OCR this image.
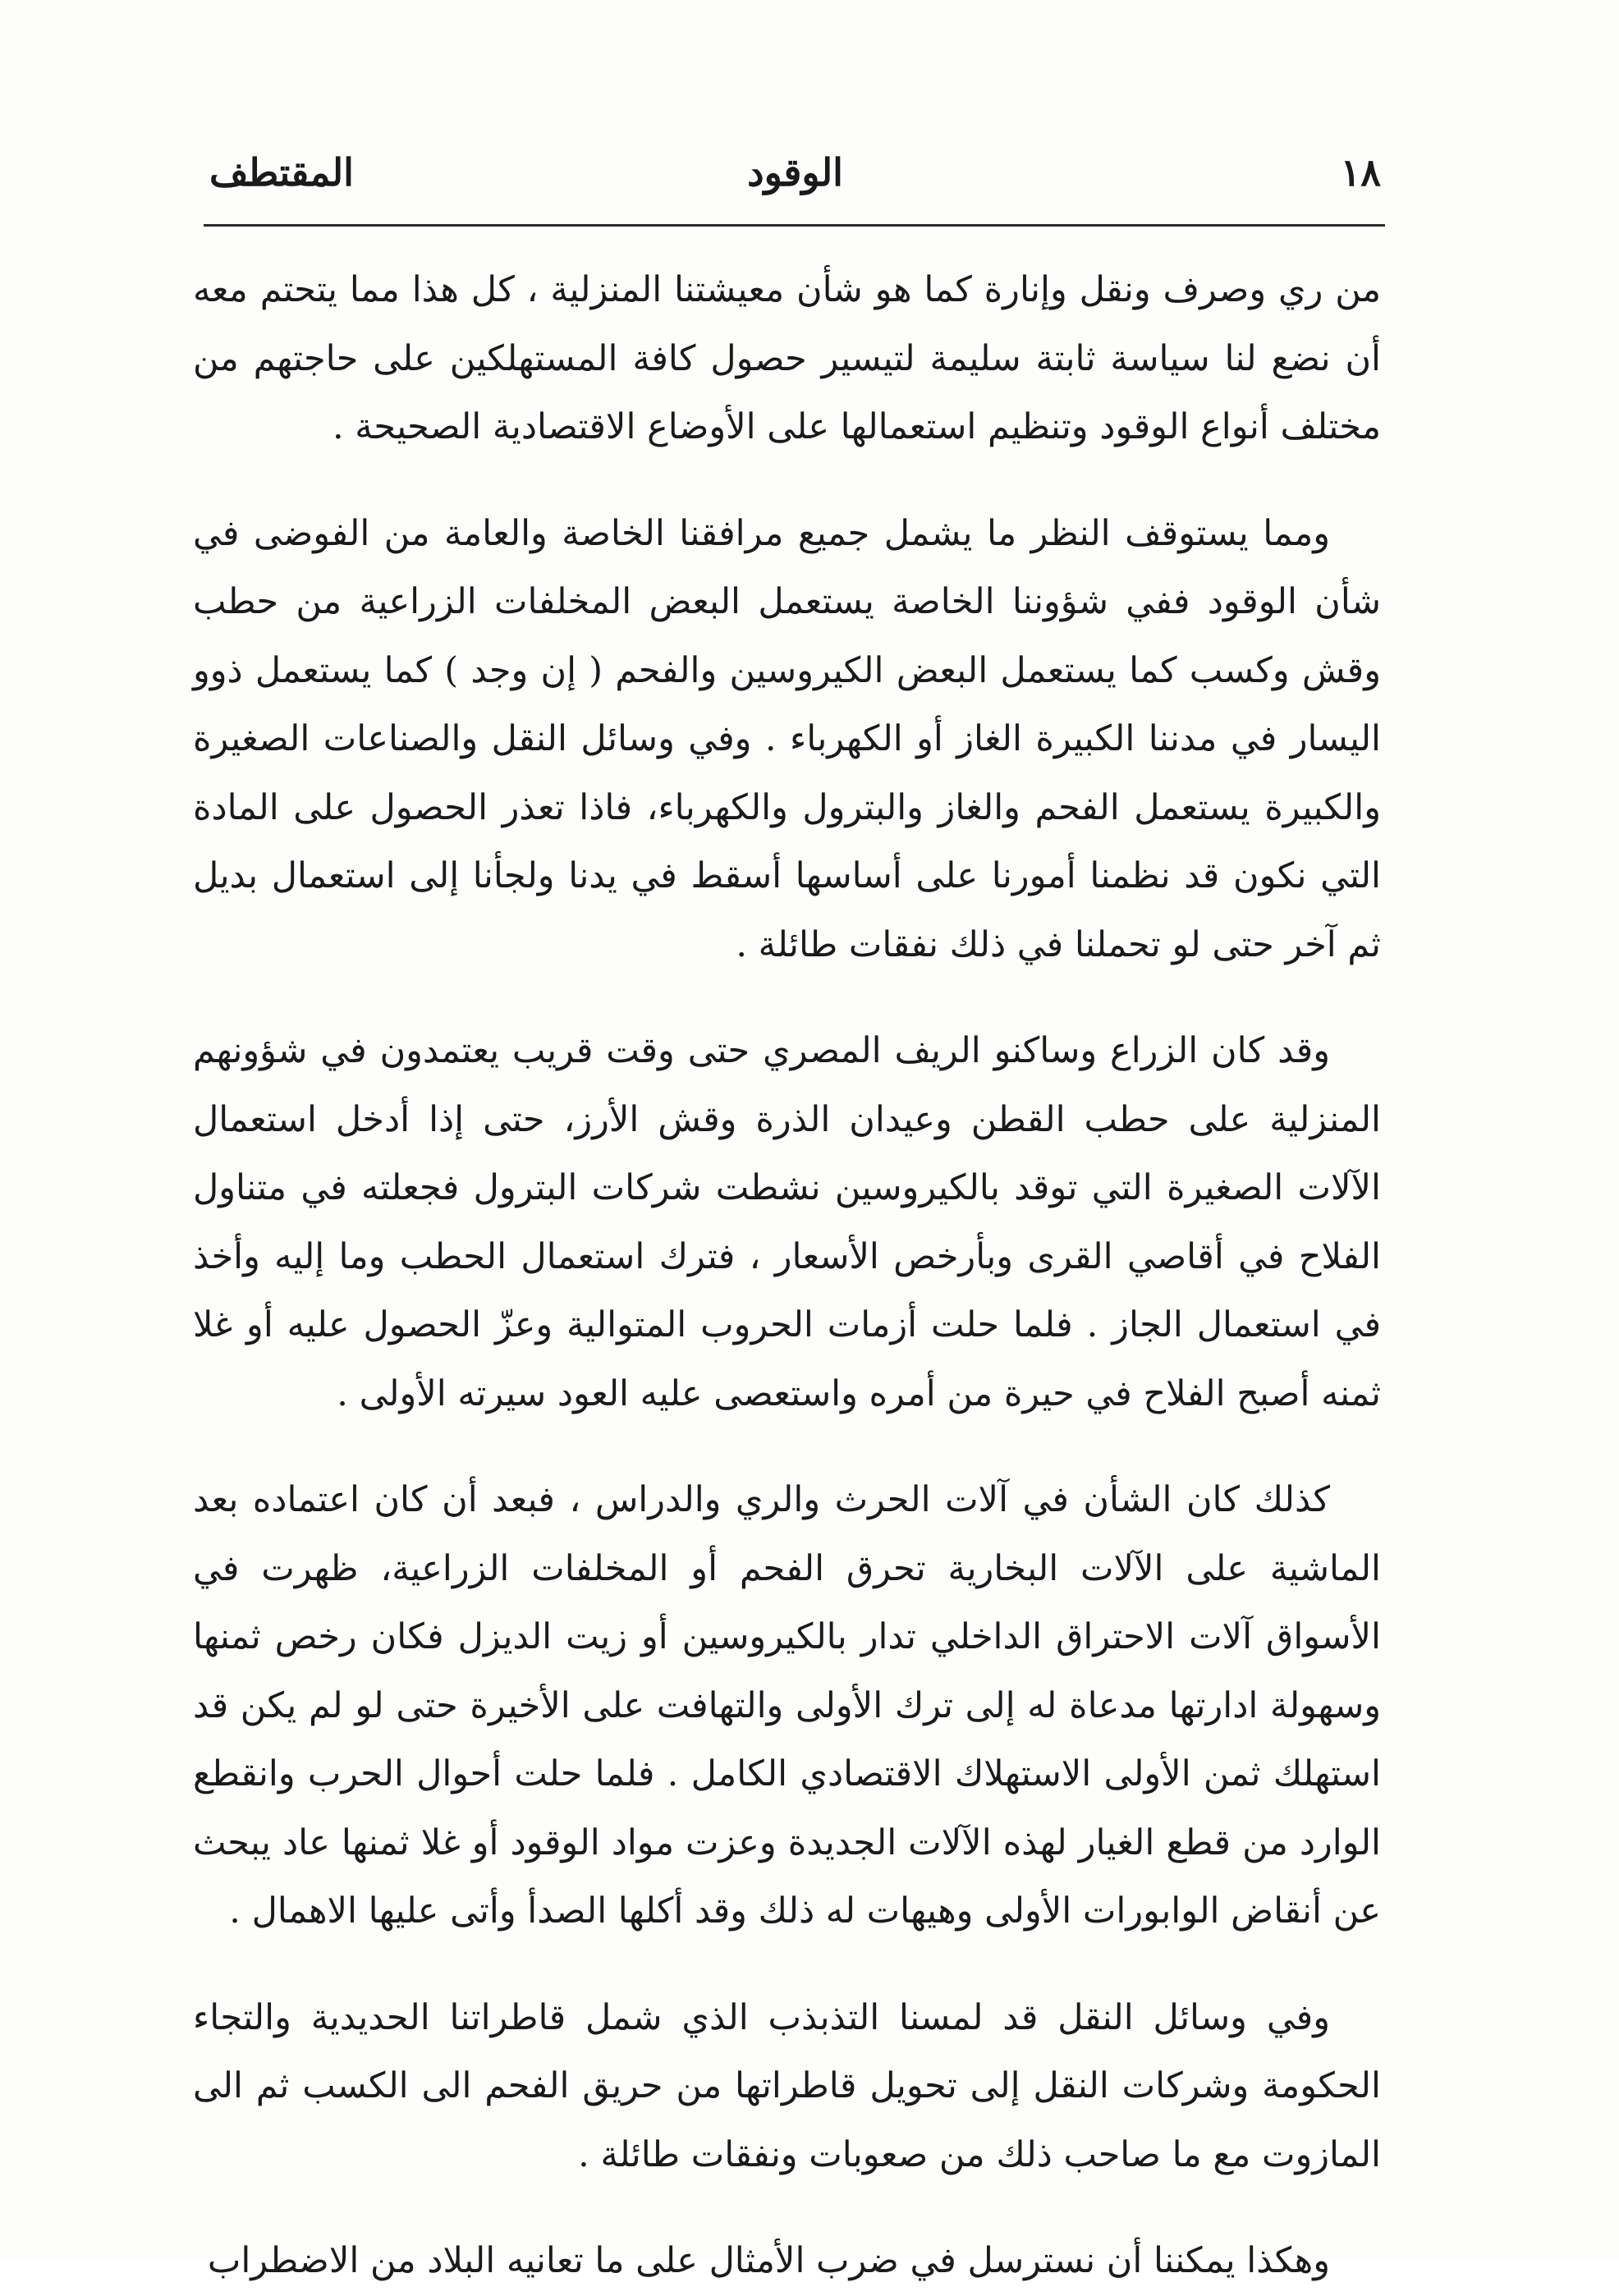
١٨
الوقود
المقتطف

من ري وصرف ونقل وإنارة كما هو شأن معيشتنا المنزلية ، كل هذا مما يتحتم معه أن نضع لنا سياسة ثابتة سليمة لتيسير حصول كافة المستهلكين على حاجتهم من مختلف أنواع الوقود وتنظيم استعمالها على الأوضاع الاقتصادية الصحيحة .

ومما يستوقف النظر ما يشمل جميع مرافقنا الخاصة والعامة من الفوضى في شأن الوقود ففي شؤوننا الخاصة يستعمل البعض المخلفات الزراعية من حطب وقش وكسب كما يستعمل البعض الكيروسين والفحم ( إن وجد ) كما يستعمل ذوو اليسار في مدننا الكبيرة الغاز أو الكهرباء . وفي وسائل النقل والصناعات الصغيرة والكبيرة يستعمل الفحم والغاز والبترول والكهرباء، فاذا تعذر الحصول على المادة التي نكون قد نظمنا أمورنا على أساسها أسقط في يدنا ولجأنا إلى استعمال بديل ثم آخر حتى لو تحملنا في ذلك نفقات طائلة .

وقد كان الزراع وساكنو الريف المصري حتى وقت قريب يعتمدون في شؤونهم المنزلية على حطب القطن وعيدان الذرة وقش الأرز، حتى إذا أدخل استعمال الآلات الصغيرة التي توقد بالكيروسين نشطت شركات البترول فجعلته في متناول الفلاح في أقاصي القرى وبأرخص الأسعار ، فترك استعمال الحطب وما إليه وأخذ في استعمال الجاز . فلما حلت أزمات الحروب المتوالية وعزّ الحصول عليه أو غلا ثمنه أصبح الفلاح في حيرة من أمره واستعصى عليه العود سيرته الأولى .

كذلك كان الشأن في آلات الحرث والري والدراس ، فبعد أن كان اعتماده بعد الماشية على الآلات البخارية تحرق الفحم أو المخلفات الزراعية، ظهرت في الأسواق آلات الاحتراق الداخلي تدار بالكيروسين أو زيت الديزل فكان رخص ثمنها وسهولة ادارتها مدعاة له إلى ترك الأولى والتهافت على الأخيرة حتى لو لم يكن قد استهلك ثمن الأولى الاستهلاك الاقتصادي الكامل . فلما حلت أحوال الحرب وانقطع الوارد من قطع الغيار لهذه الآلات الجديدة وعزت مواد الوقود أو غلا ثمنها عاد يبحث عن أنقاض الوابورات الأولى وهيهات له ذلك وقد أكلها الصدأ وأتى عليها الاهمال .

وفي وسائل النقل قد لمسنا التذبذب الذي شمل قاطراتنا الحديدية والتجاء الحكومة وشركات النقل إلى تحويل قاطراتها من حريق الفحم الى الكسب ثم الى المازوت مع ما صاحب ذلك من صعوبات ونفقات طائلة .

وهكذا يمكننا أن نسترسل في ضرب الأمثال على ما تعانيه البلاد من الاضطراب
